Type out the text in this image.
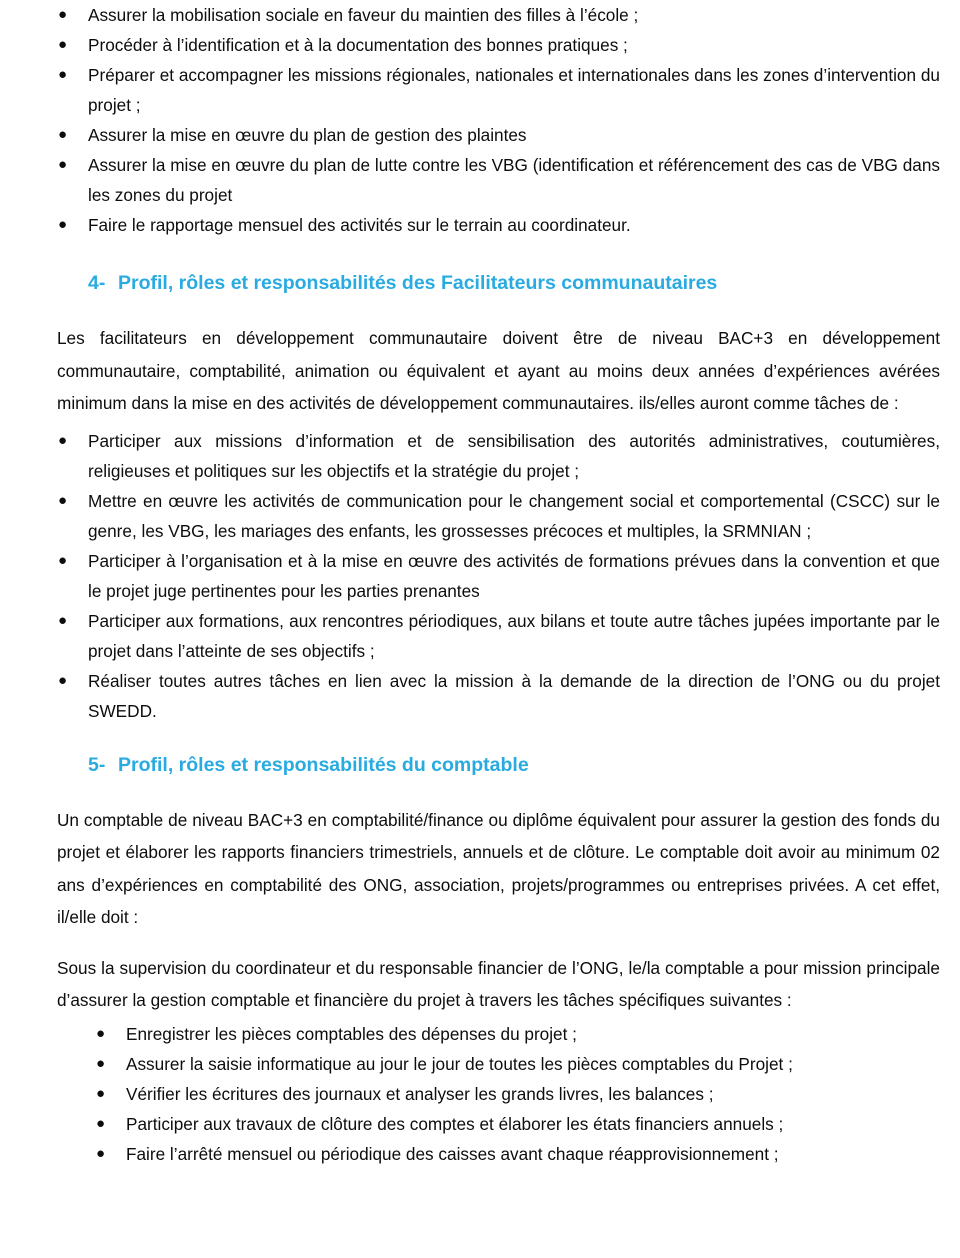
● Assurer la mobilisation sociale en faveur du maintien des filles à l’école ;
● Procéder à l’identification et à la documentation des bonnes pratiques ;
● Préparer et accompagner les missions régionales, nationales et internationales dans les zones d’intervention du projet ;
● Assurer la mise en œuvre du plan de gestion des plaintes
● Assurer la mise en œuvre du plan de lutte contre les VBG (identification et référencement des cas de VBG dans les zones du projet
● Faire le rapportage mensuel des activités sur le terrain au coordinateur.
4- Profil, rôles et responsabilités des Facilitateurs communautaires

Les facilitateurs en développement communautaire doivent être de niveau BAC+3 en développement communautaire, comptabilité, animation ou équivalent et ayant au moins deux années d’expériences avérées minimum dans la mise en des activités de développement communautaires. ils/elles auront comme tâches de :

● Participer aux missions d’information et de sensibilisation des autorités administratives, coutumières, religieuses et politiques sur les objectifs et la stratégie du projet ;
● Mettre en œuvre les activités de communication pour le changement social et comportemental (CSCC) sur le genre, les VBG, les mariages des enfants, les grossesses précoces et multiples, la SRMNIAN ;
● Participer à l’organisation et à la mise en œuvre des activités de formations prévues dans la convention et que le projet juge pertinentes pour les parties prenantes
● Participer aux formations, aux rencontres périodiques, aux bilans et toute autre tâches jupées importante par le projet dans l’atteinte de ses objectifs ;
● Réaliser toutes autres tâches en lien avec la mission à la demande de la direction de l’ONG ou du projet SWEDD.
5- Profil, rôles et responsabilités du comptable

Un comptable de niveau BAC+3 en comptabilité/finance ou diplôme équivalent pour assurer la gestion des fonds du projet et élaborer les rapports financiers trimestriels, annuels et de clôture. Le comptable doit avoir au minimum 02 ans d’expériences en comptabilité des ONG, association, projets/programmes ou entreprises privées. A cet effet, il/elle doit :

Sous la supervision du coordinateur et du responsable financier de l’ONG, le/la comptable a pour mission principale d’assurer la gestion comptable et financière du projet à travers les tâches spécifiques suivantes :

● Enregistrer les pièces comptables des dépenses du projet ;
● Assurer la saisie informatique au jour le jour de toutes les pièces comptables du Projet ;
● Vérifier les écritures des journaux et analyser les grands livres, les balances ;
● Participer aux travaux de clôture des comptes et élaborer les états financiers annuels ;
● Faire l’arrêté mensuel ou périodique des caisses avant chaque réapprovisionnement ;
